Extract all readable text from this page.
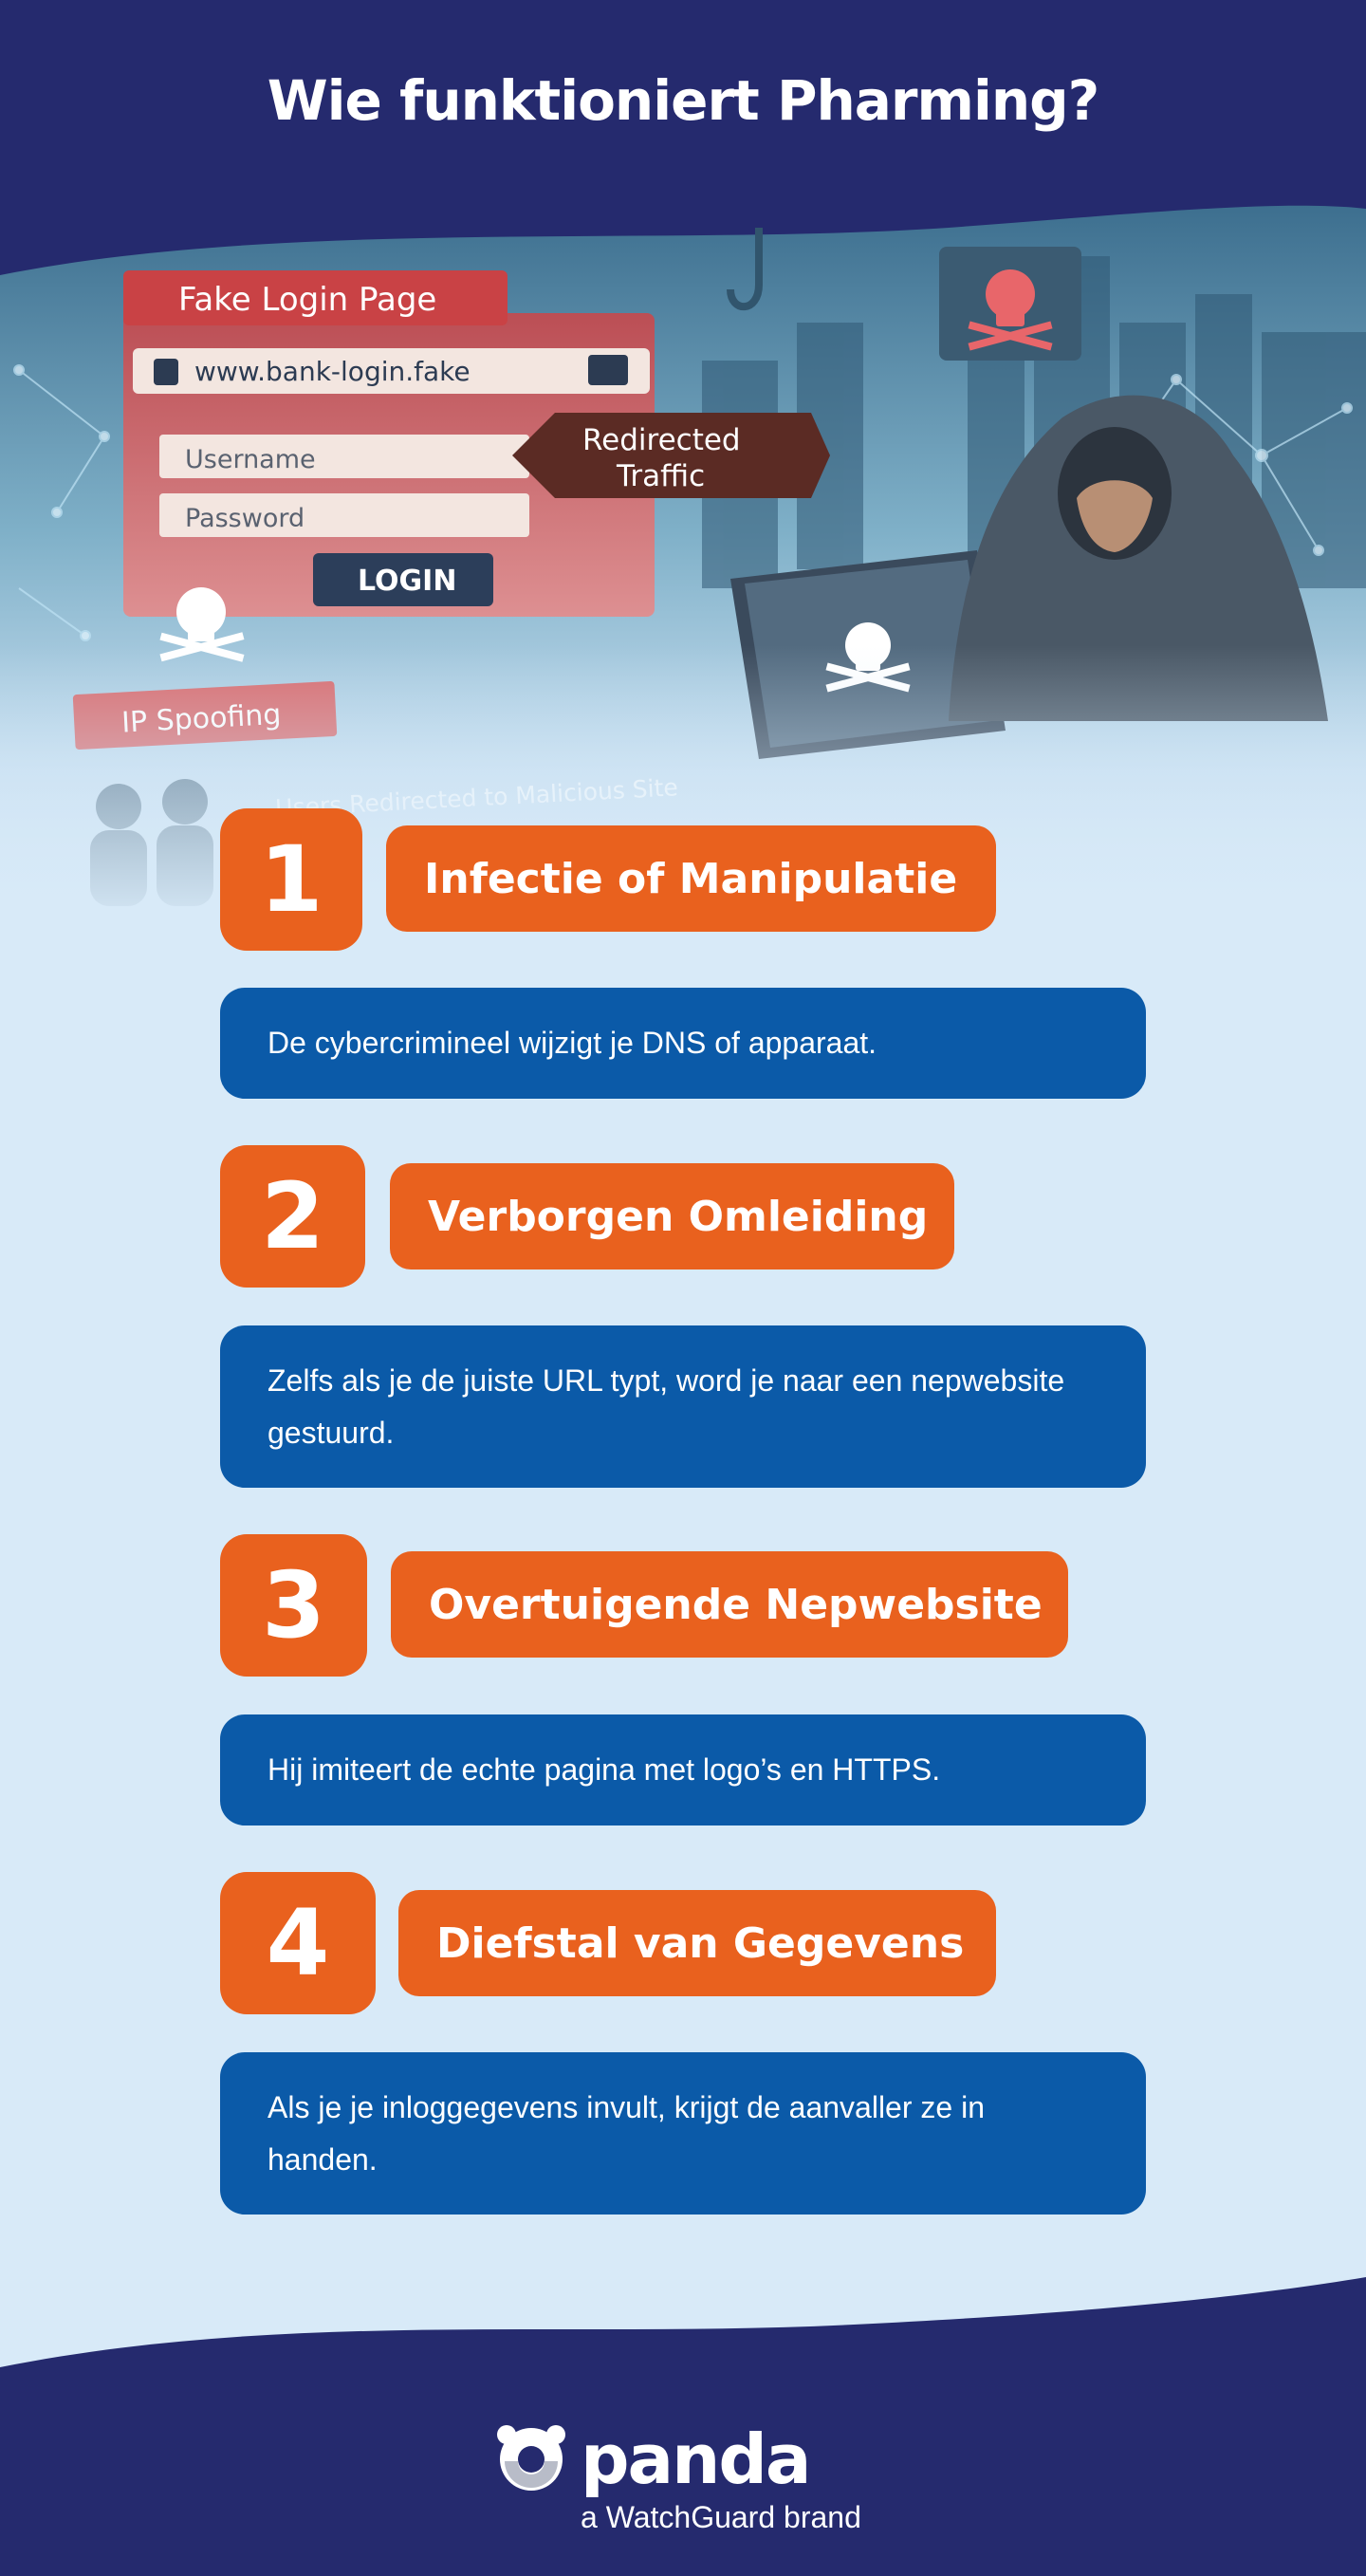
Wie funktioniert Pharming?
Fake Login Page
www.bank-login.fake
Username
Password
LOGIN
Redirected
Traffic
1	Infectie of Manipulatie
De cybercrimineel wijzigt je DNS of apparaat.
2	Verborgen Omleiding
Zelfs als je de juiste URL typt, word je naar een nepwebsite gestuurd.
3	Overtuigende Nepwebsite
Hij imiteert de echte pagina met logo’s en HTTPS.
4	Diefstal van Gegevens
Als je je inloggegevens invult, krijgt de aanvaller ze in handen.
panda
a WatchGuard brand
